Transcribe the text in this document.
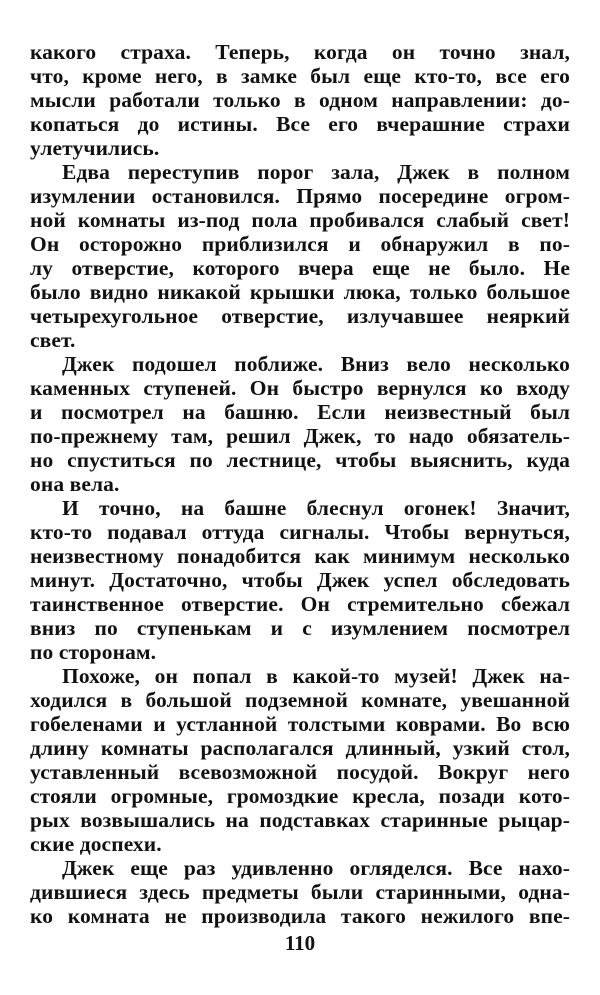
какого страха. Теперь, когда он точно знал,
что, кроме него, в замке был еще кто-то, все его
мысли работали только в одном направлении: до-
копаться до истины. Все его вчерашние страхи
улетучились.
Едва переступив порог зала, Джек в полном
изумлении остановился. Прямо посередине огром-
ной комнаты из-под пола пробивался слабый свет!
Он осторожно приблизился и обнаружил в по-
лу отверстие, которого вчера еще не было. Не
было видно никакой крышки люка, только большое
четырехугольное отверстие, излучавшее неяркий
свет.
Джек подошел поближе. Вниз вело несколько
каменных ступеней. Он быстро вернулся ко входу
и посмотрел на башню. Если неизвестный был
по-прежнему там, решил Джек, то надо обязатель-
но спуститься по лестнице, чтобы выяснить, куда
она вела.
И точно, на башне блеснул огонек! Значит,
кто-то подавал оттуда сигналы. Чтобы вернуться,
неизвестному понадобится как минимум несколько
минут. Достаточно, чтобы Джек успел обследовать
таинственное отверстие. Он стремительно сбежал
вниз по ступенькам и с изумлением посмотрел
по сторонам.
Похоже, он попал в какой-то музей! Джек на-
ходился в большой подземной комнате, увешанной
гобеленами и устланной толстыми коврами. Во всю
длину комнаты располагался длинный, узкий стол,
уставленный всевозможной посудой. Вокруг него
стояли огромные, громоздкие кресла, позади кото-
рых возвышались на подставках старинные рыцар-
ские доспехи.
Джек еще раз удивленно огляделся. Все нахо-
дившиеся здесь предметы были старинными, одна-
ко комната не производила такого нежилого впе-
110
